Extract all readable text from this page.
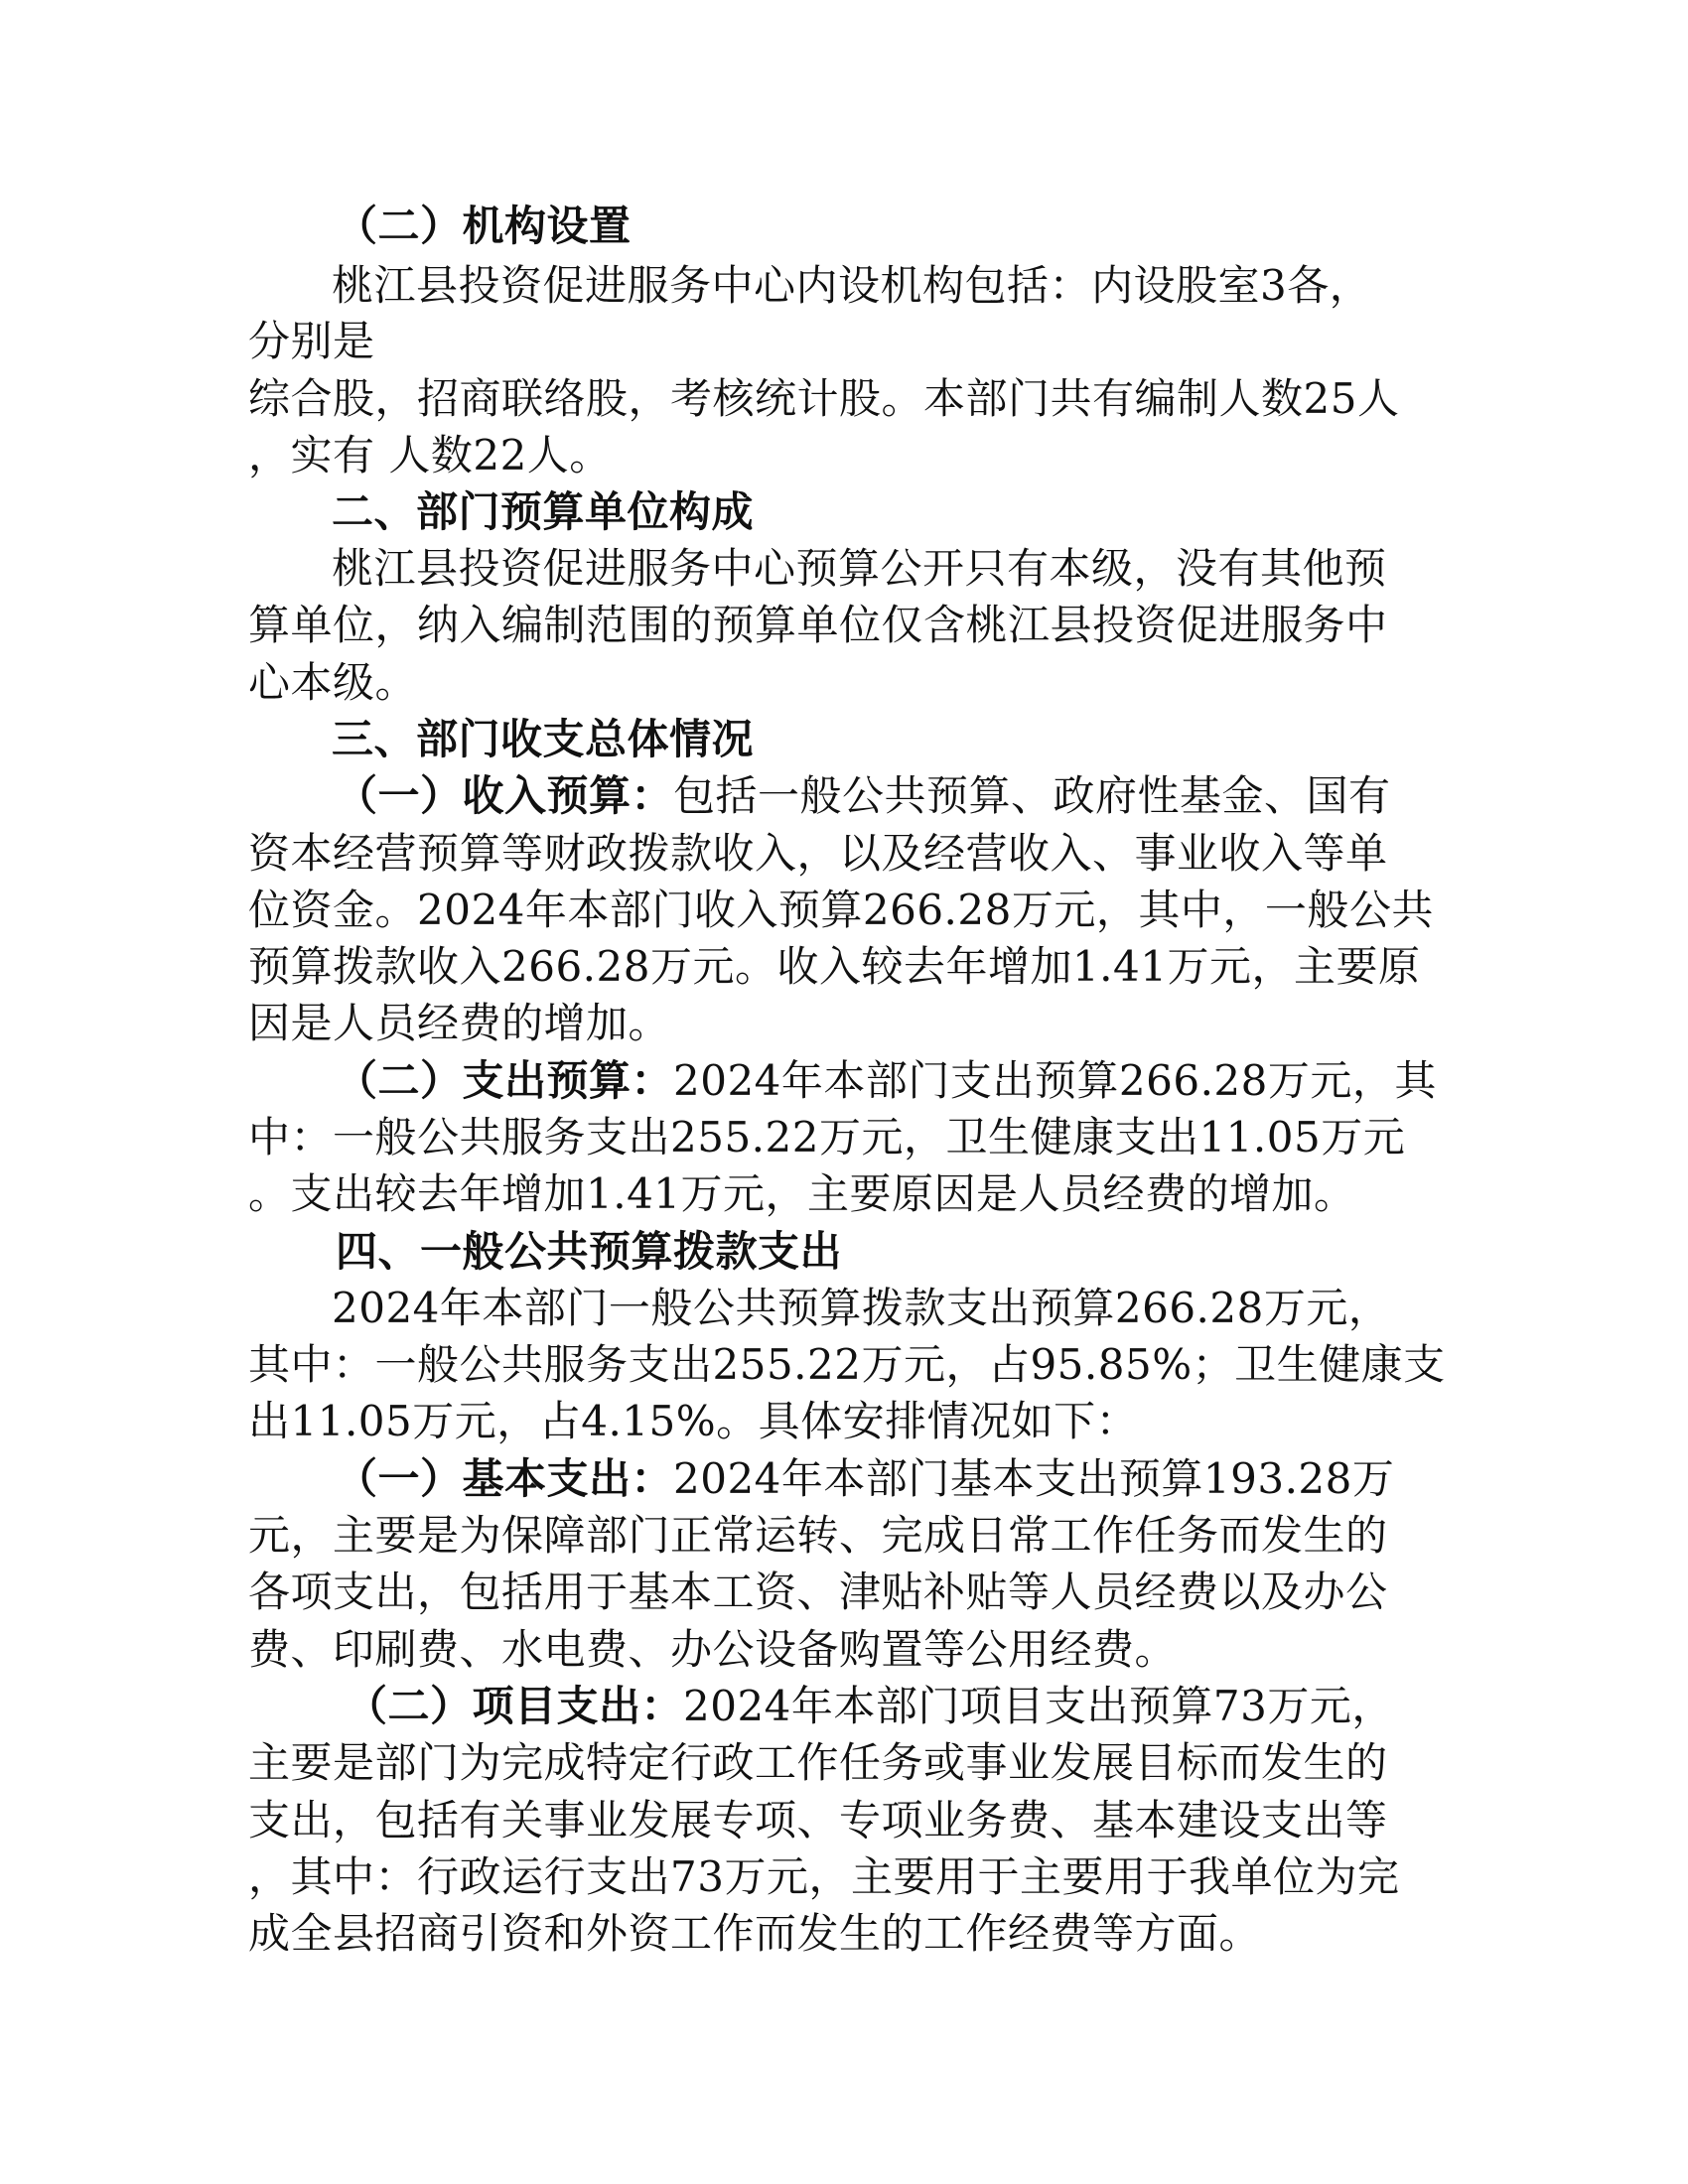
（二）机构设置
桃江县投资促进服务中心内设机构包括：内设股室3各，
分别是
综合股，招商联络股，考核统计股。本部门共有编制人数25人
，实有 人数22人。
二、部门预算单位构成
桃江县投资促进服务中心预算公开只有本级，没有其他预
算单位，纳入编制范围的预算单位仅含桃江县投资促进服务中
心本级。
三、部门收支总体情况
（一）收入预算：包括一般公共预算、政府性基金、国有
资本经营预算等财政拨款收入，以及经营收入、事业收入等单
位资金。2024年本部门收入预算266.28万元，其中，一般公共
预算拨款收入266.28万元。收入较去年增加1.41万元，主要原
因是人员经费的增加。
（二）支出预算：2024年本部门支出预算266.28万元，其
中：一般公共服务支出255.22万元，卫生健康支出11.05万元
。支出较去年增加1.41万元，主要原因是人员经费的增加。
四、一般公共预算拨款支出
2024年本部门一般公共预算拨款支出预算266.28万元，
其中：一般公共服务支出255.22万元，占95.85%；卫生健康支
出11.05万元，占4.15%。具体安排情况如下：
（一）基本支出：2024年本部门基本支出预算193.28万
元，主要是为保障部门正常运转、完成日常工作任务而发生的
各项支出，包括用于基本工资、津贴补贴等人员经费以及办公
费、印刷费、水电费、办公设备购置等公用经费。
（二）项目支出：2024年本部门项目支出预算73万元，
主要是部门为完成特定行政工作任务或事业发展目标而发生的
支出，包括有关事业发展专项、专项业务费、基本建设支出等
，其中：行政运行支出73万元，主要用于主要用于我单位为完
成全县招商引资和外资工作而发生的工作经费等方面。
